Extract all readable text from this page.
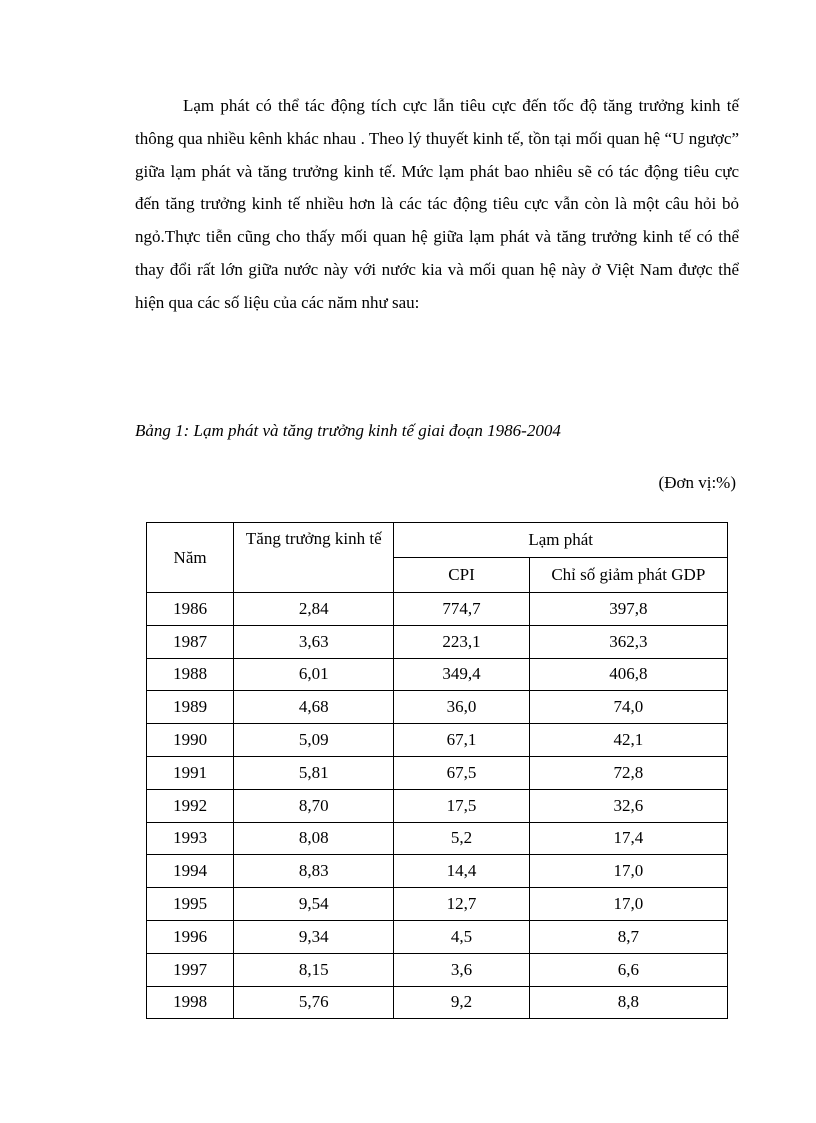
Lạm phát có thể tác động tích cực lẫn tiêu cực đến tốc độ tăng trưởng kinh tế thông qua nhiều kênh khác nhau . Theo lý thuyết kinh tế, tồn tại mối quan hệ “U ngược” giữa lạm phát và tăng trưởng kinh tế. Mức lạm phát bao nhiêu sẽ có tác động tiêu cực đến tăng trưởng kinh tế nhiều hơn là các tác động tiêu cực vẫn còn là một câu hỏi bỏ ngỏ.Thực tiễn cũng cho thấy mối quan hệ giữa lạm phát và tăng trưởng kinh tế có thể thay đổi rất lớn giữa nước này với nước kia và mối quan hệ này ở Việt Nam được thể hiện qua các số liệu của các năm như sau:

Bảng 1: Lạm phát và tăng trưởng kinh tế giai đoạn 1986-2004

(Đơn vị:%)

Năm	Tăng trưởng kinh tế	Lạm phát	
		CPI	Chỉ số giảm phát GDP
1986	2,84	774,7	397,8
1987	3,63	223,1	362,3
1988	6,01	349,4	406,8
1989	4,68	36,0	74,0
1990	5,09	67,1	42,1
1991	5,81	67,5	72,8
1992	8,70	17,5	32,6
1993	8,08	5,2	17,4
1994	8,83	14,4	17,0
1995	9,54	12,7	17,0
1996	9,34	4,5	8,7
1997	8,15	3,6	6,6
1998	5,76	9,2	8,8
